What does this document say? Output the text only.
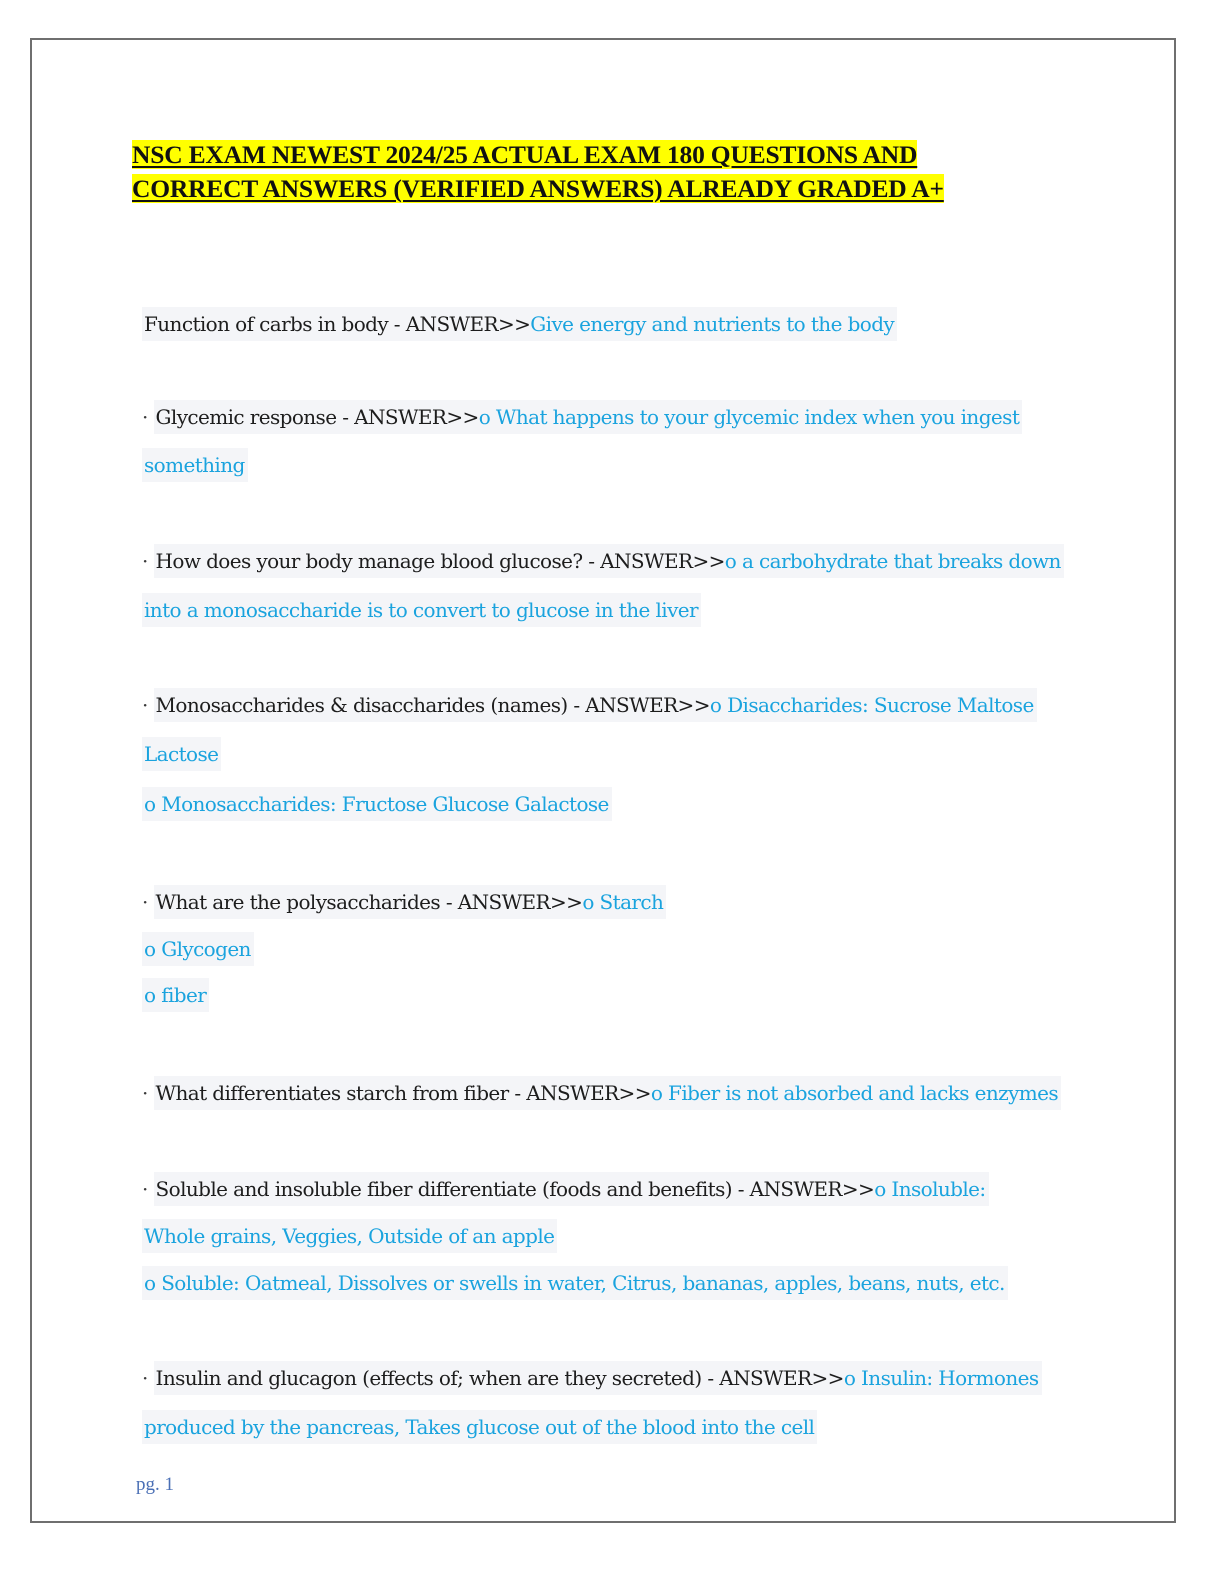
NSC EXAM NEWEST 2024/25 ACTUAL EXAM 180 QUESTIONS AND
CORRECT ANSWERS (VERIFIED ANSWERS) ALREADY GRADED A+
Function of carbs in body - ANSWER>>Give energy and nutrients to the body
· Glycemic response - ANSWER>>o What happens to your glycemic index when you ingest
something
· How does your body manage blood glucose? - ANSWER>>o a carbohydrate that breaks down
into a monosaccharide is to convert to glucose in the liver
· Monosaccharides & disaccharides (names) - ANSWER>>o Disaccharides: Sucrose Maltose
Lactose
o Monosaccharides: Fructose Glucose Galactose
· What are the polysaccharides - ANSWER>>o Starch
o Glycogen
o fiber
· What differentiates starch from fiber - ANSWER>>o Fiber is not absorbed and lacks enzymes
· Soluble and insoluble fiber differentiate (foods and benefits) - ANSWER>>o Insoluble:
Whole grains, Veggies, Outside of an apple
o Soluble: Oatmeal, Dissolves or swells in water, Citrus, bananas, apples, beans, nuts, etc.
· Insulin and glucagon (effects of; when are they secreted) - ANSWER>>o Insulin: Hormones
produced by the pancreas, Takes glucose out of the blood into the cell
pg. 1
